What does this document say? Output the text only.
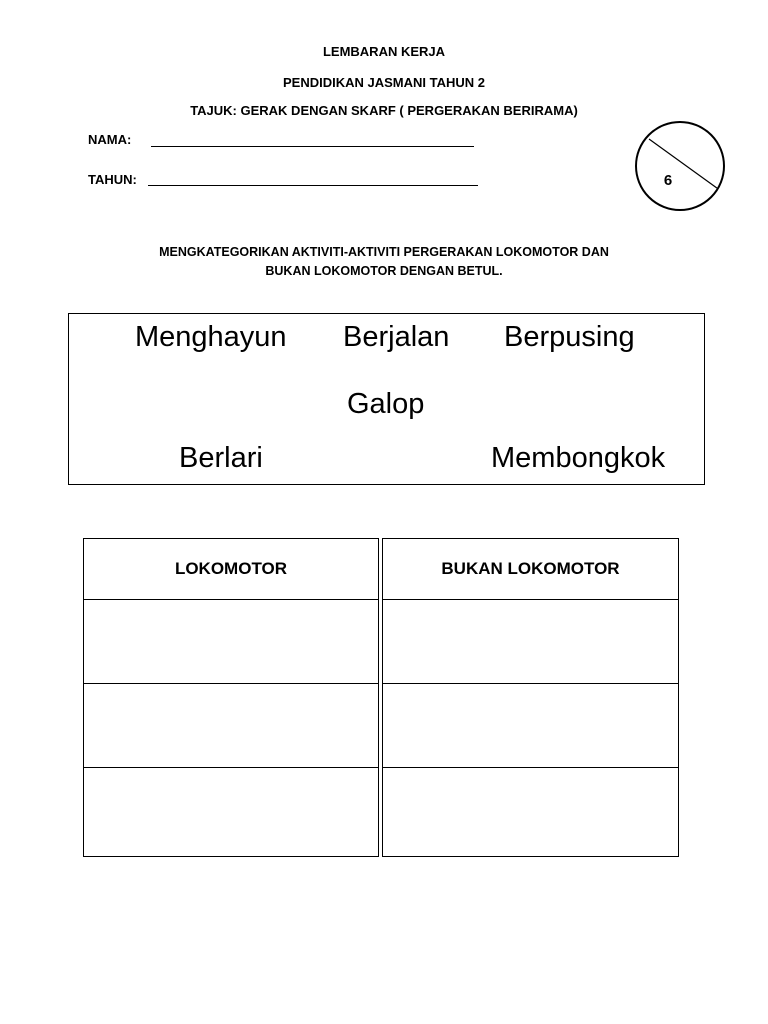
LEMBARAN KERJA
PENDIDIKAN JASMANI TAHUN 2
TAJUK: GERAK DENGAN SKARF ( PERGERAKAN BERIRAMA)
NAMA:
TAHUN:	6
MENGKATEGORIKAN AKTIVITI-AKTIVITI PERGERAKAN LOKOMOTOR DAN
BUKAN LOKOMOTOR DENGAN BETUL.
Menghayun Berjalan Berpusing
Galop
Berlari	Membongkok
LOKOMOTOR	BUKAN LOKOMOTOR
